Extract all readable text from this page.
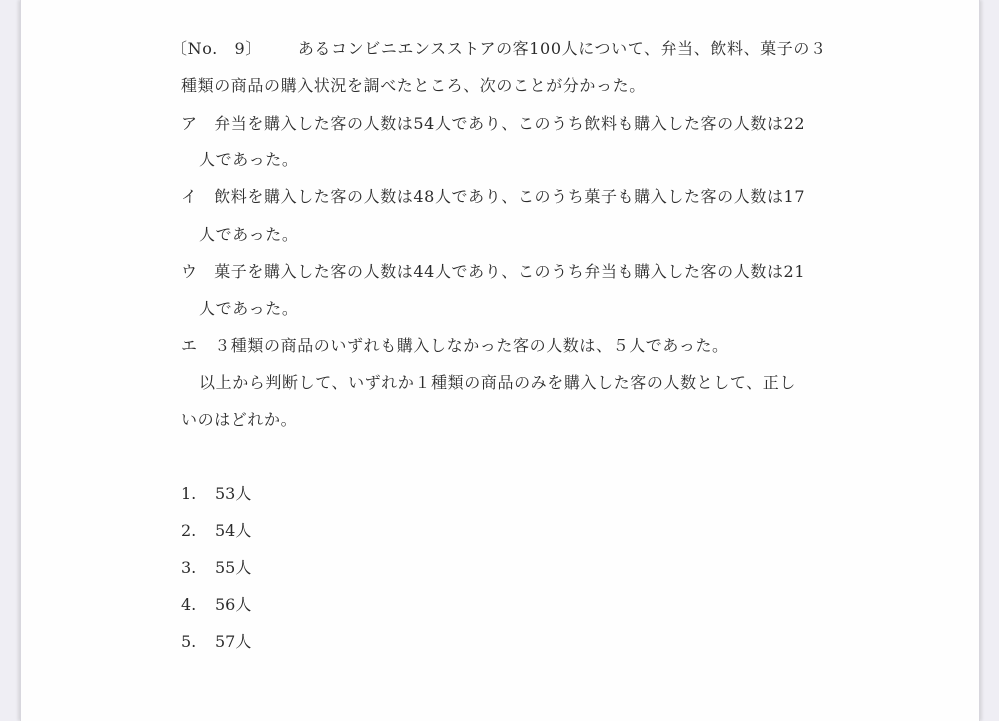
〔No.　9〕 あるコンビニエンスストアの客100人について、弁当、飲料、菓子の３
種類の商品の購入状況を調べたところ、次のことが分かった。
ア　弁当を購入した客の人数は54人であり、このうち飲料も購入した客の人数は22
人であった。
イ　飲料を購入した客の人数は48人であり、このうち菓子も購入した客の人数は17
人であった。
ウ　菓子を購入した客の人数は44人であり、このうち弁当も購入した客の人数は21
人であった。
エ　３種類の商品のいずれも購入しなかった客の人数は、５人であった。
以上から判断して、いずれか１種類の商品のみを購入した客の人数として、正し
いのはどれか。
1. 53人
2. 54人
3. 55人
4. 56人
5. 57人
